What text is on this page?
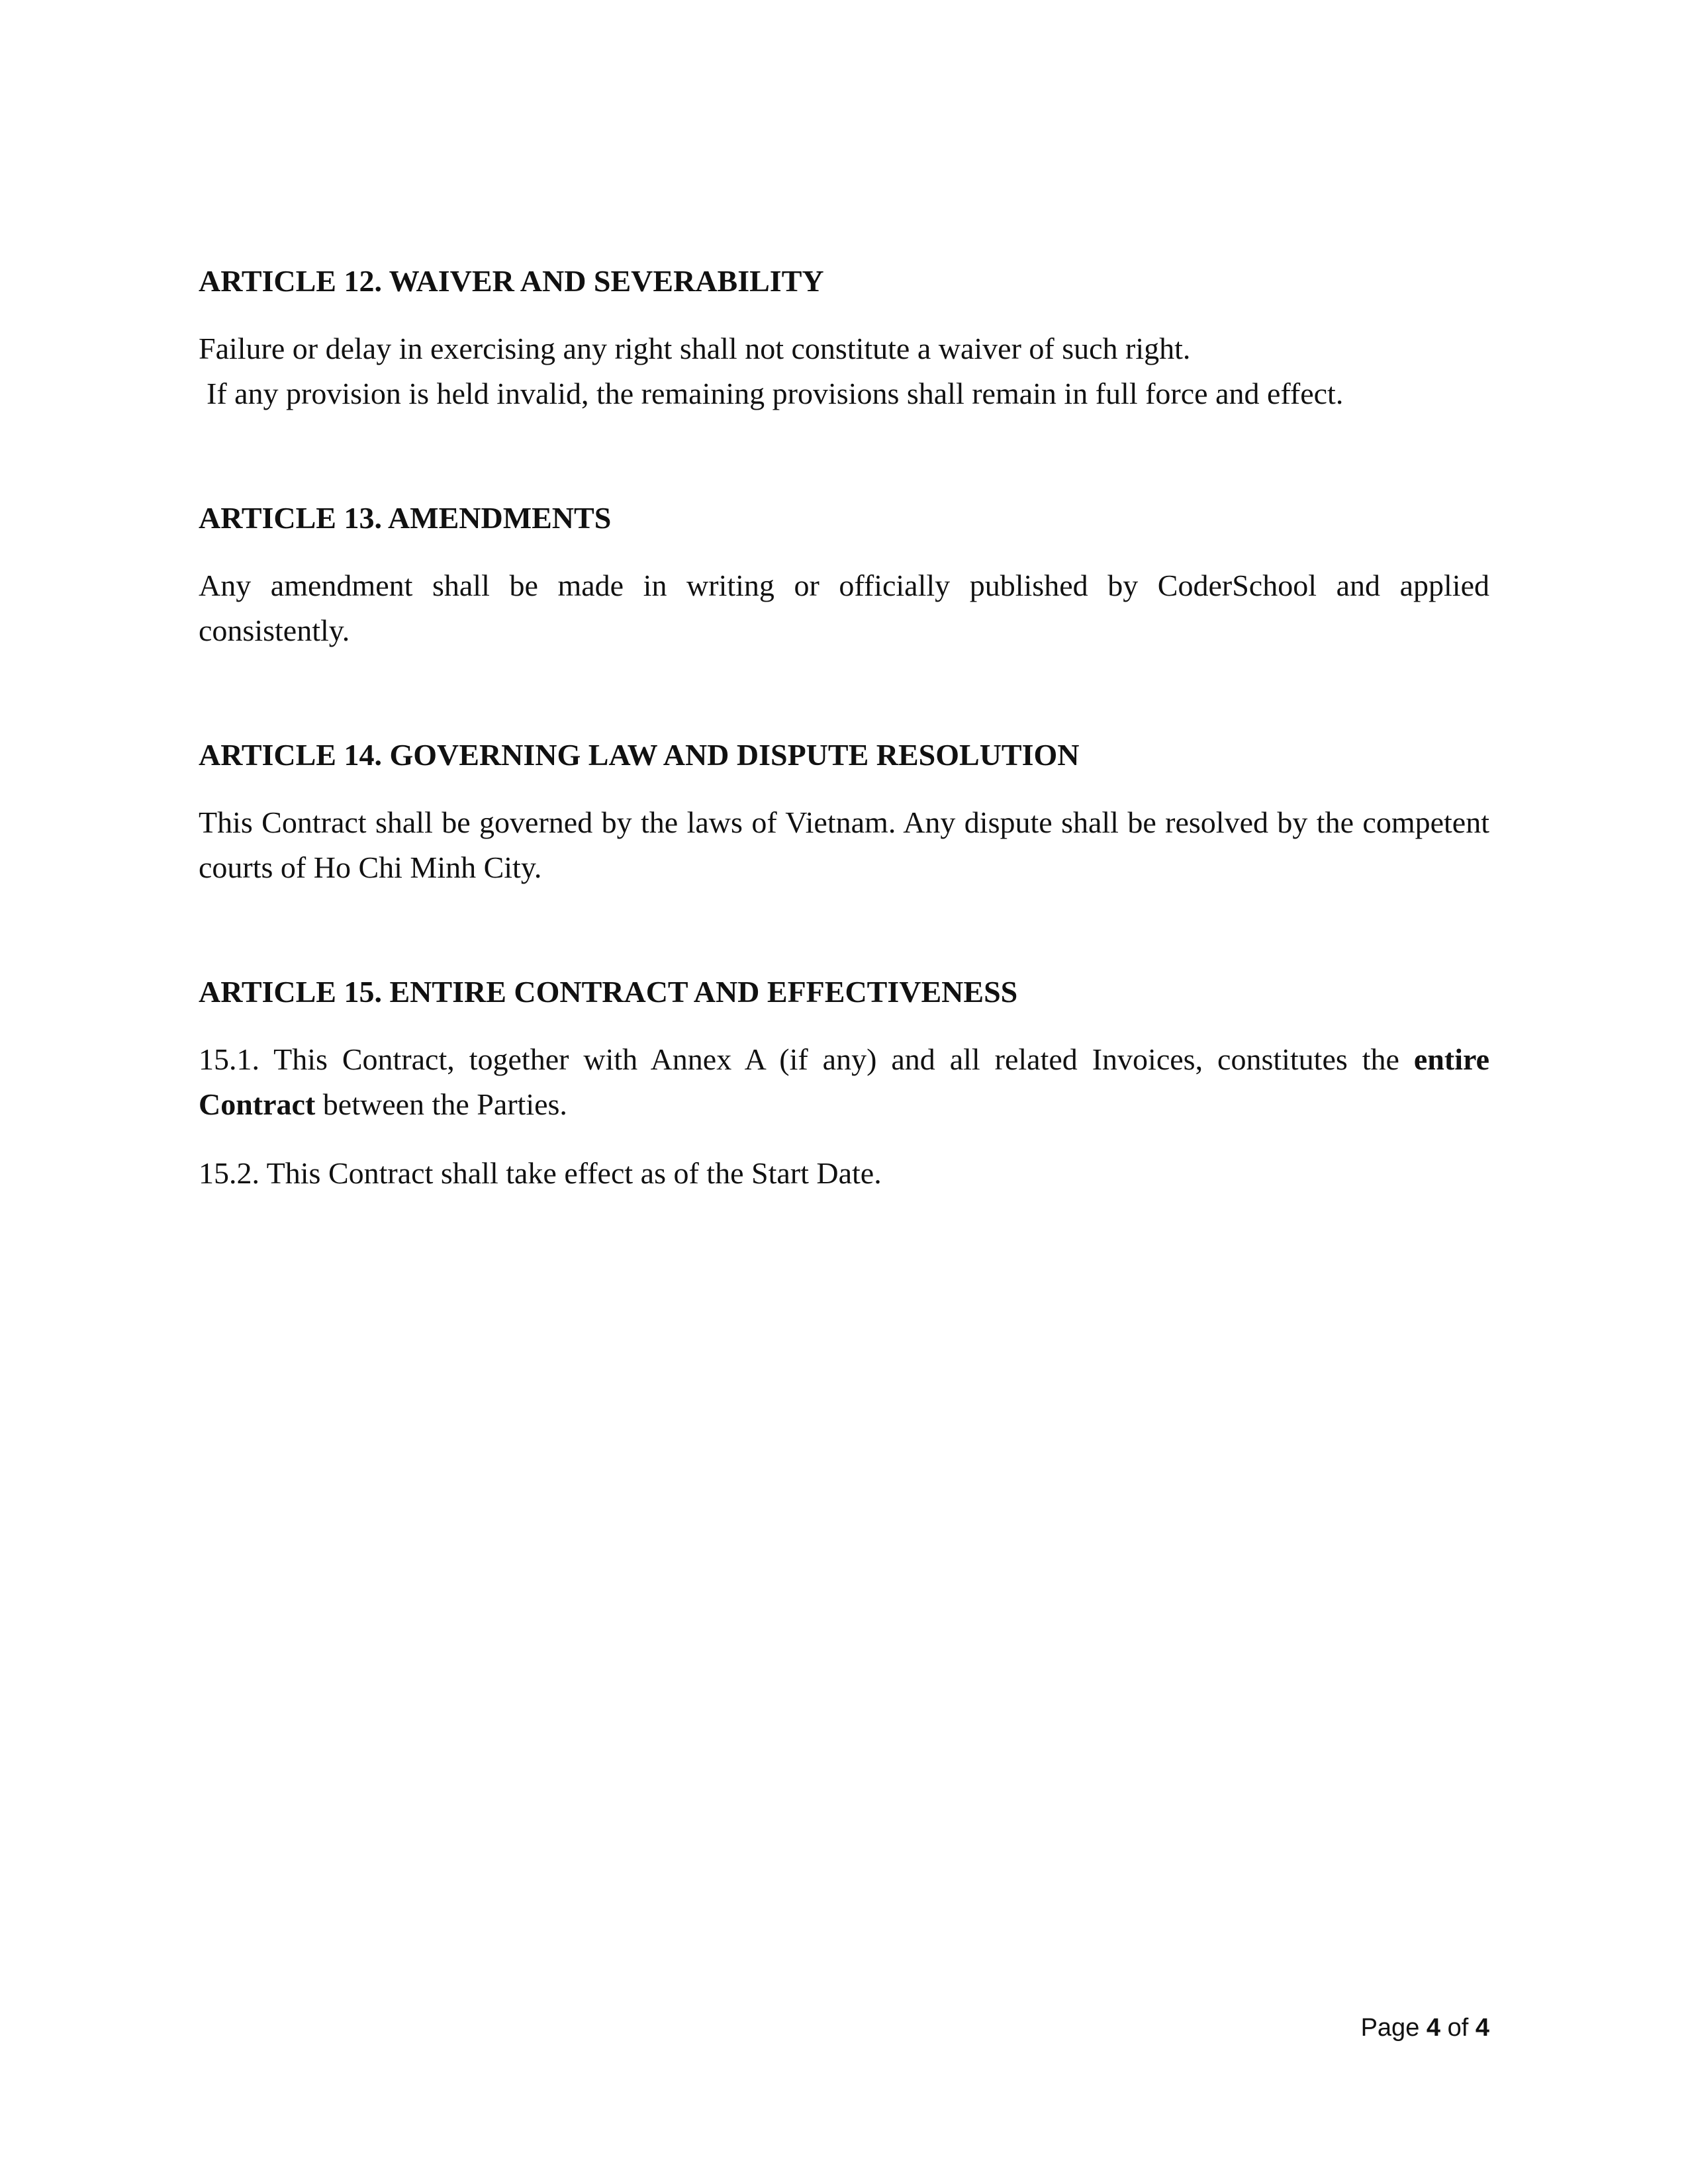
ARTICLE 12. WAIVER AND SEVERABILITY

Failure or delay in exercising any right shall not constitute a waiver of such right.
If any provision is held invalid, the remaining provisions shall remain in full force and effect.

ARTICLE 13. AMENDMENTS

Any amendment shall be made in writing or officially published by CoderSchool and applied consistently.

ARTICLE 14. GOVERNING LAW AND DISPUTE RESOLUTION

This Contract shall be governed by the laws of Vietnam. Any dispute shall be resolved by the competent courts of Ho Chi Minh City.

ARTICLE 15. ENTIRE CONTRACT AND EFFECTIVENESS

15.1. This Contract, together with Annex A (if any) and all related Invoices, constitutes the entire Contract between the Parties.

15.2. This Contract shall take effect as of the Start Date.

Page 4 of 4
